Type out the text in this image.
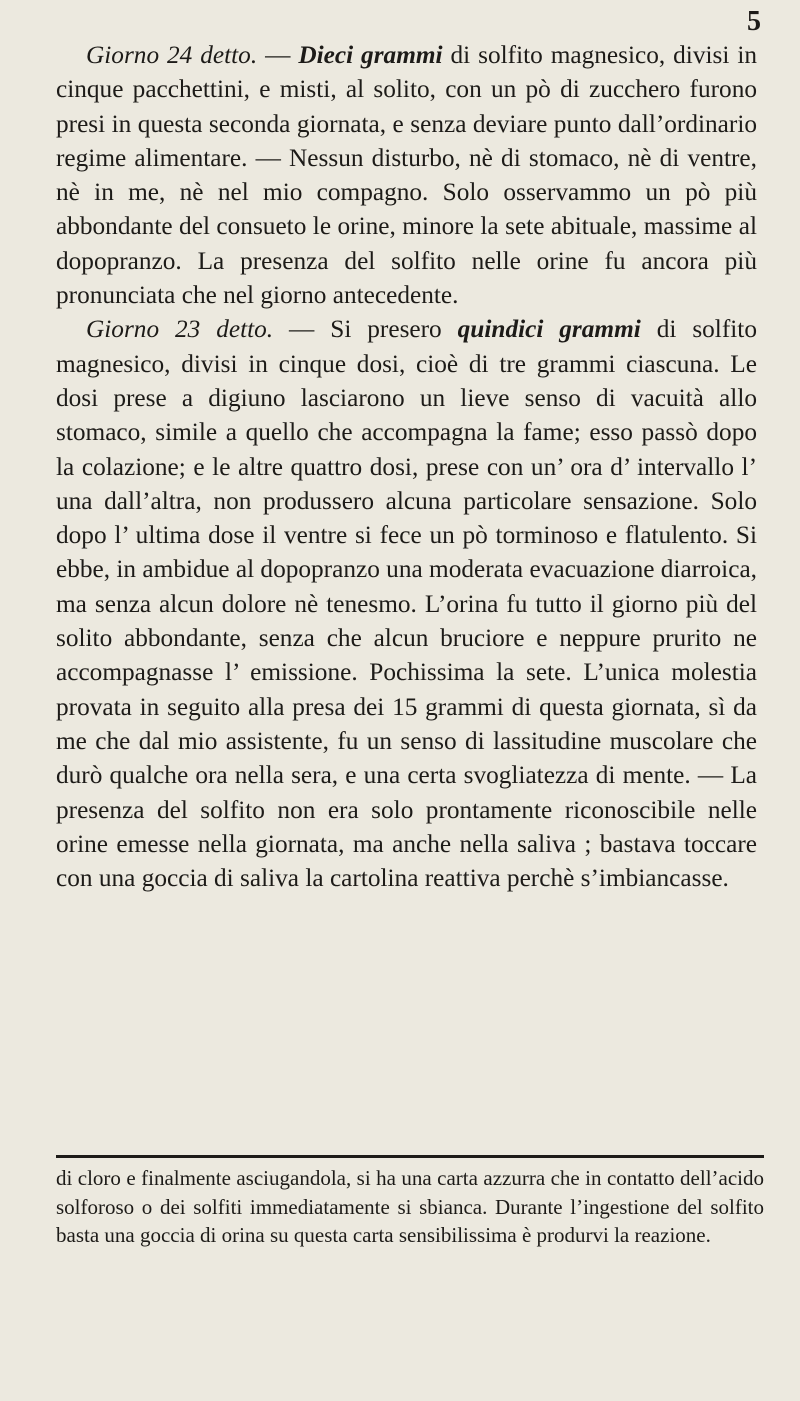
5

Giorno 24 detto. — Dieci grammi di solfito magnesico, divisi in cinque pacchettini, e misti, al solito, con un pò di zucchero furono presi in questa seconda giornata, e senza deviare punto dall’ordinario regime alimentare. — Nessun disturbo, nè di stomaco, nè di ventre, nè in me, nè nel mio compagno. Solo osservammo un pò più abbondante del consueto le orine, minore la sete abituale, massime al dopopranzo. La presenza del solfito nelle orine fu ancora più pronunciata che nel giorno antecedente.

Giorno 23 detto. — Si presero quindici grammi di solfito magnesico, divisi in cinque dosi, cioè di tre grammi ciascuna. Le dosi prese a digiuno lasciarono un lieve senso di vacuità allo stomaco, simile a quello che accompagna la fame; esso passò dopo la colazione; e le altre quattro dosi, prese con un’ ora d’ intervallo l’ una dall’altra, non produssero alcuna particolare sensazione. Solo dopo l’ ultima dose il ventre si fece un pò torminoso e flatulento. Si ebbe, in ambidue al dopopranzo una moderata evacuazione diarroica, ma senza alcun dolore nè tenesmo. L’orina fu tutto il giorno più del solito abbondante, senza che alcun bruciore e neppure prurito ne accompagnasse l’ emissione. Pochissima la sete. L’unica molestia provata in seguito alla presa dei 15 grammi di questa giornata, sì da me che dal mio assistente, fu un senso di lassitudine muscolare che durò qualche ora nella sera, e una certa svogliatezza di mente. — La presenza del solfito non era solo prontamente riconoscibile nelle orine emesse nella giornata, ma anche nella saliva ; bastava toccare con una goccia di saliva la cartolina reattiva perchè s’imbiancasse.

di cloro e finalmente asciugandola, si ha una carta azzurra che in contatto dell’acido solforoso o dei solfiti immediatamente si sbianca. Durante l’ingestione del solfito basta una goccia di orina su questa carta sensibilissima è produrvi la reazione.
